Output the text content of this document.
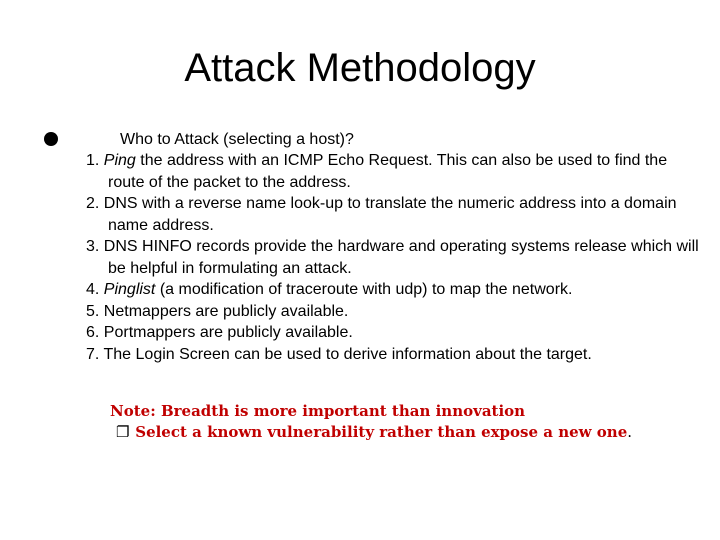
Attack Methodology
Who to Attack (selecting a host)?
1. Ping the address with an ICMP Echo Request. This can also be used to find the route of the packet to the address.
2. DNS with a reverse name look-up to translate the numeric address into a domain name address.
3. DNS HINFO records provide the hardware and operating systems release which will be helpful in formulating an attack.
4. Pinglist (a modification of traceroute with udp) to map the network.
5. Netmappers are publicly available.
6. Portmappers are publicly available.
7. The Login Screen can be used to derive information about the target.
Note: Breadth is more important than innovation
❐ Select a known vulnerability rather than expose a new one.
